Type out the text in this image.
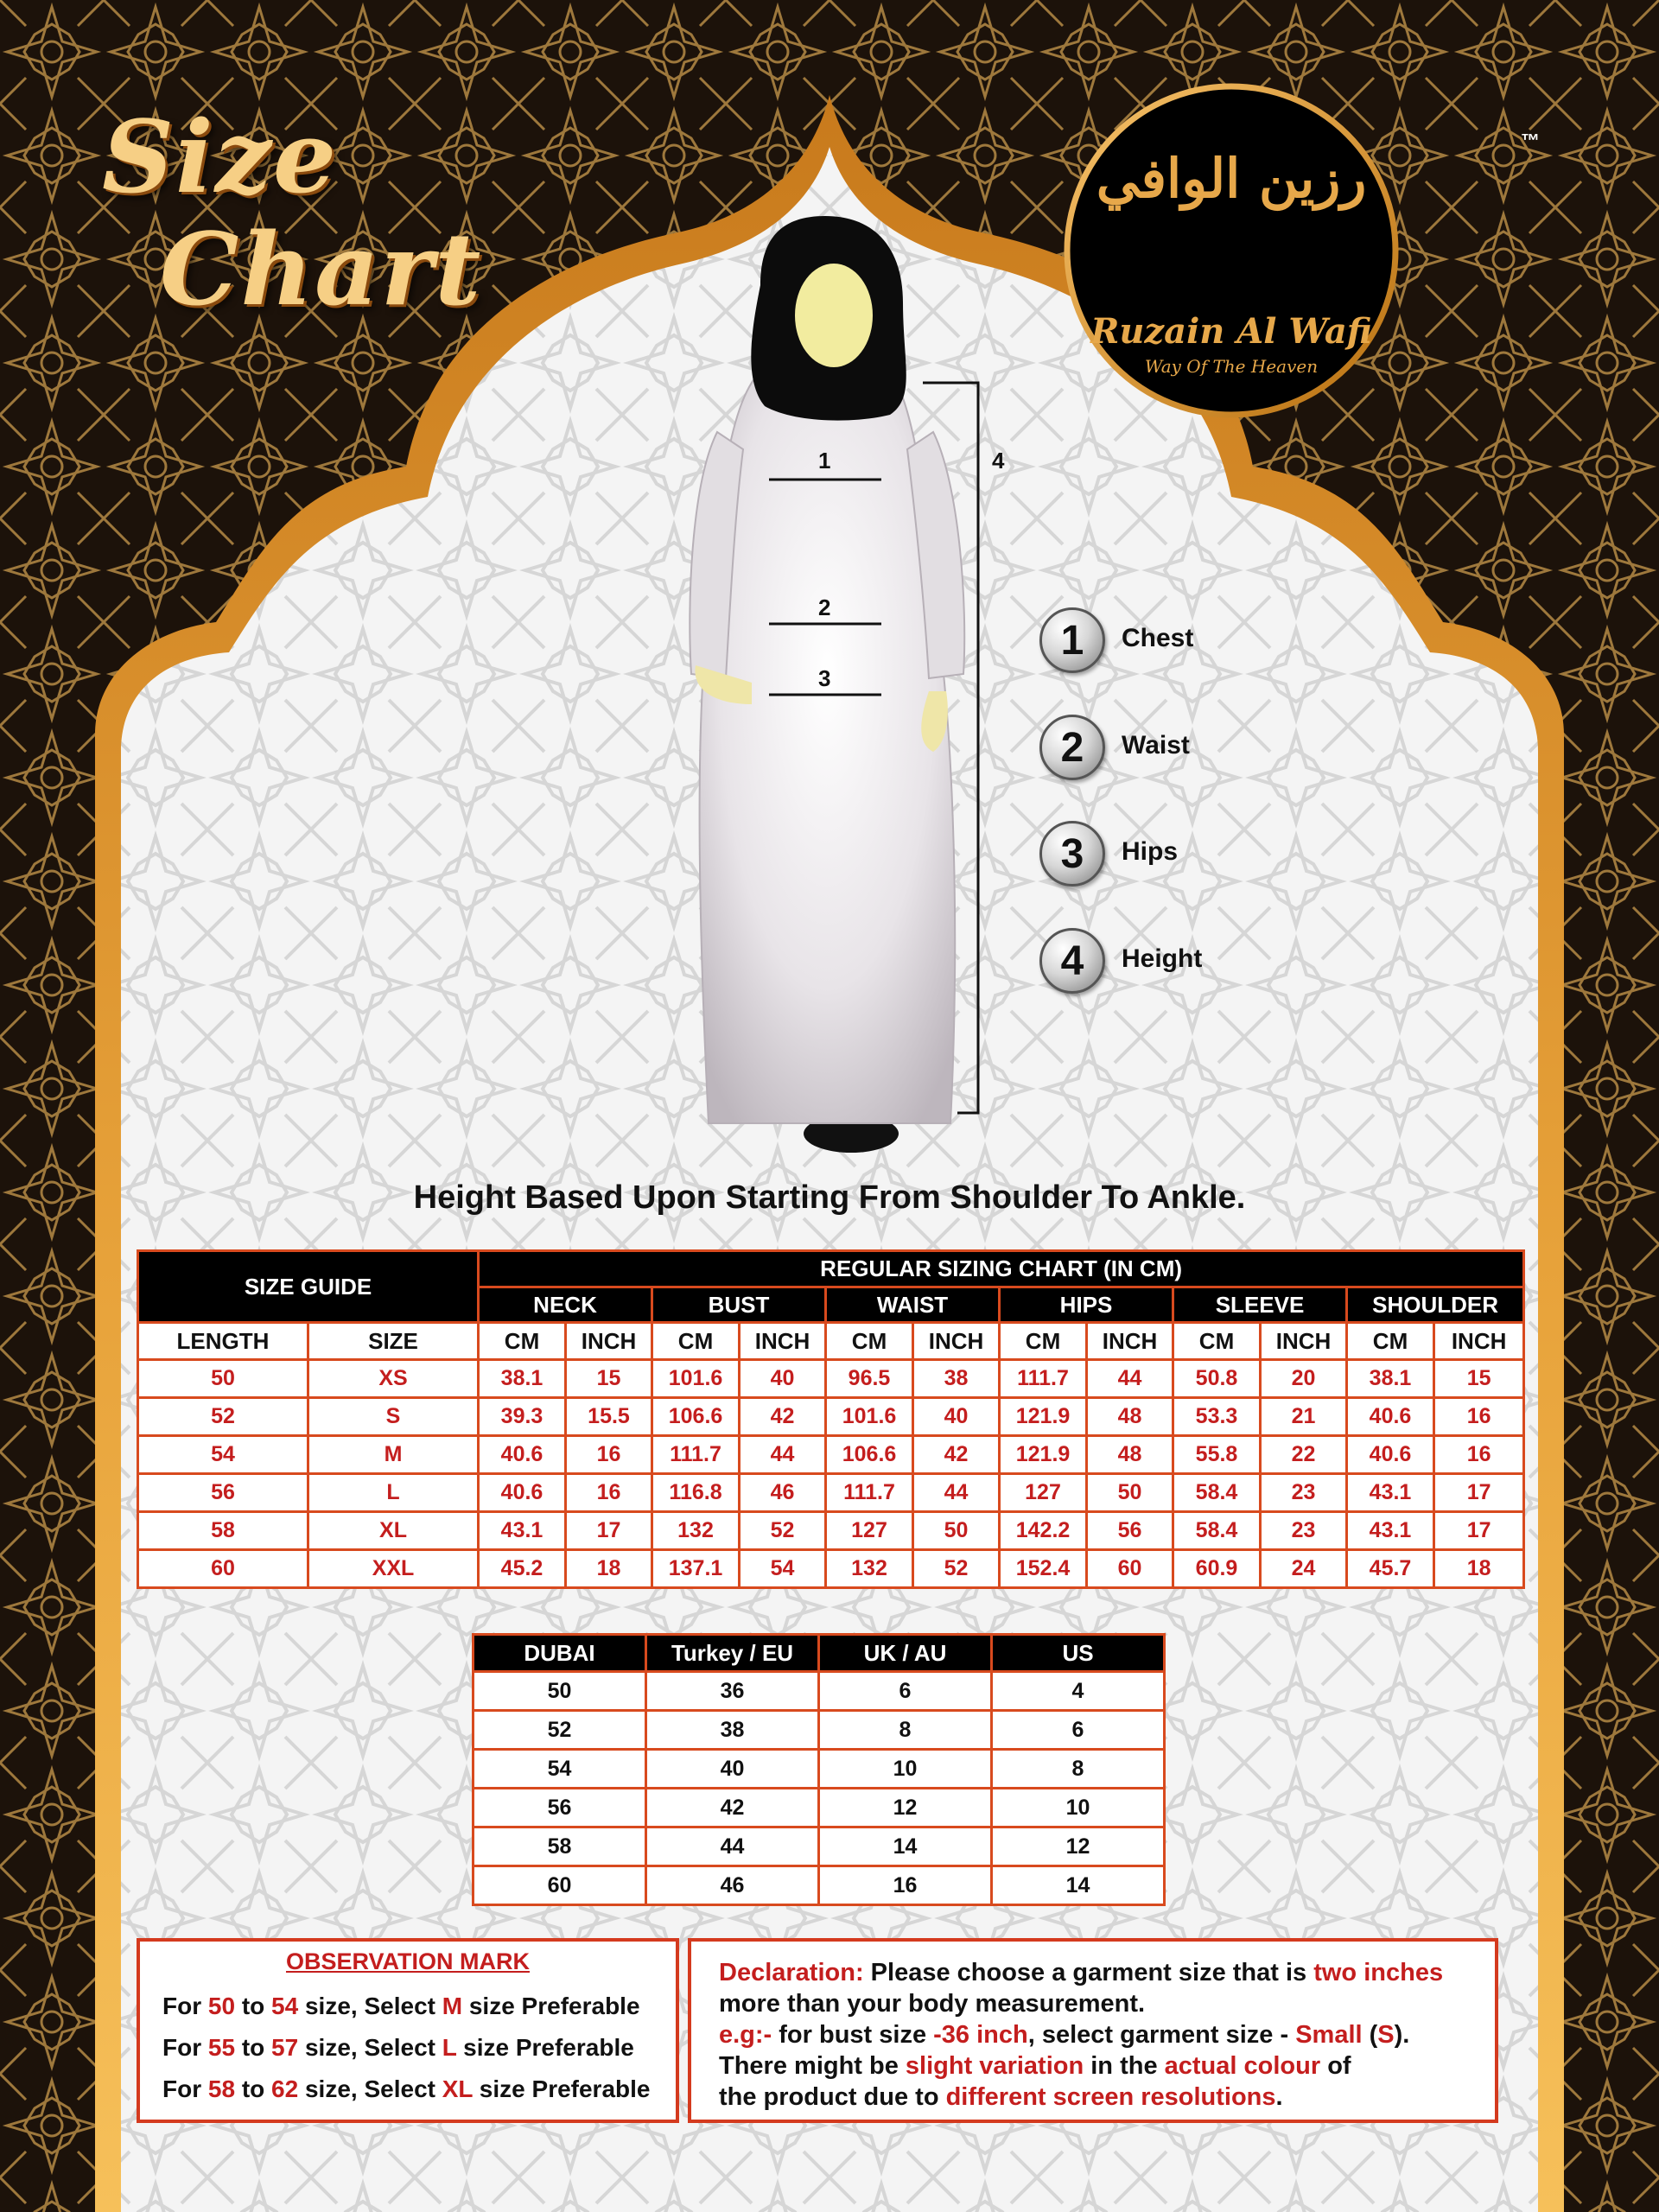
Size
Chart
™
رزين الوافي
Ruzain Al Wafi
Way Of The Heaven
1
2
3
4
1	Chest
2	Waist
3	Hips
4	Height
Height Based Upon Starting From Shoulder To Ankle.
SIZE GUIDE		REGULAR SIZING CHART (IN CM)											
		NECK		BUST		WAIST		HIPS		SLEEVE		SHOULDER	
LENGTH	SIZE	CM	INCH	CM	INCH	CM	INCH	CM	INCH	CM	INCH	CM	INCH
50	XS	38.1	15	101.6	40	96.5	38	111.7	44	50.8	20	38.1	15
52	S	39.3	15.5	106.6	42	101.6	40	121.9	48	53.3	21	40.6	16
54	M	40.6	16	111.7	44	106.6	42	121.9	48	55.8	22	40.6	16
56	L	40.6	16	116.8	46	111.7	44	127	50	58.4	23	43.1	17
58	XL	43.1	17	132	52	127	50	142.2	56	58.4	23	43.1	17
60	XXL	45.2	18	137.1	54	132	52	152.4	60	60.9	24	45.7	18
DUBAI	Turkey / EU	UK / AU	US
50	36	6	4
52	38	8	6
54	40	10	8
56	42	12	10
58	44	14	12
60	46	16	14
OBSERVATION MARK
For 50 to 54 size, Select M size Preferable
For 55 to 57 size, Select L size Preferable
For 58 to 62 size, Select XL size Preferable

Declaration: Please choose a garment size that is two inches

more than your body measurement.

e.g:- for bust size -36 inch, select garment size - Small (S).

There might be slight variation in the actual colour of

the product due to different screen resolutions.
